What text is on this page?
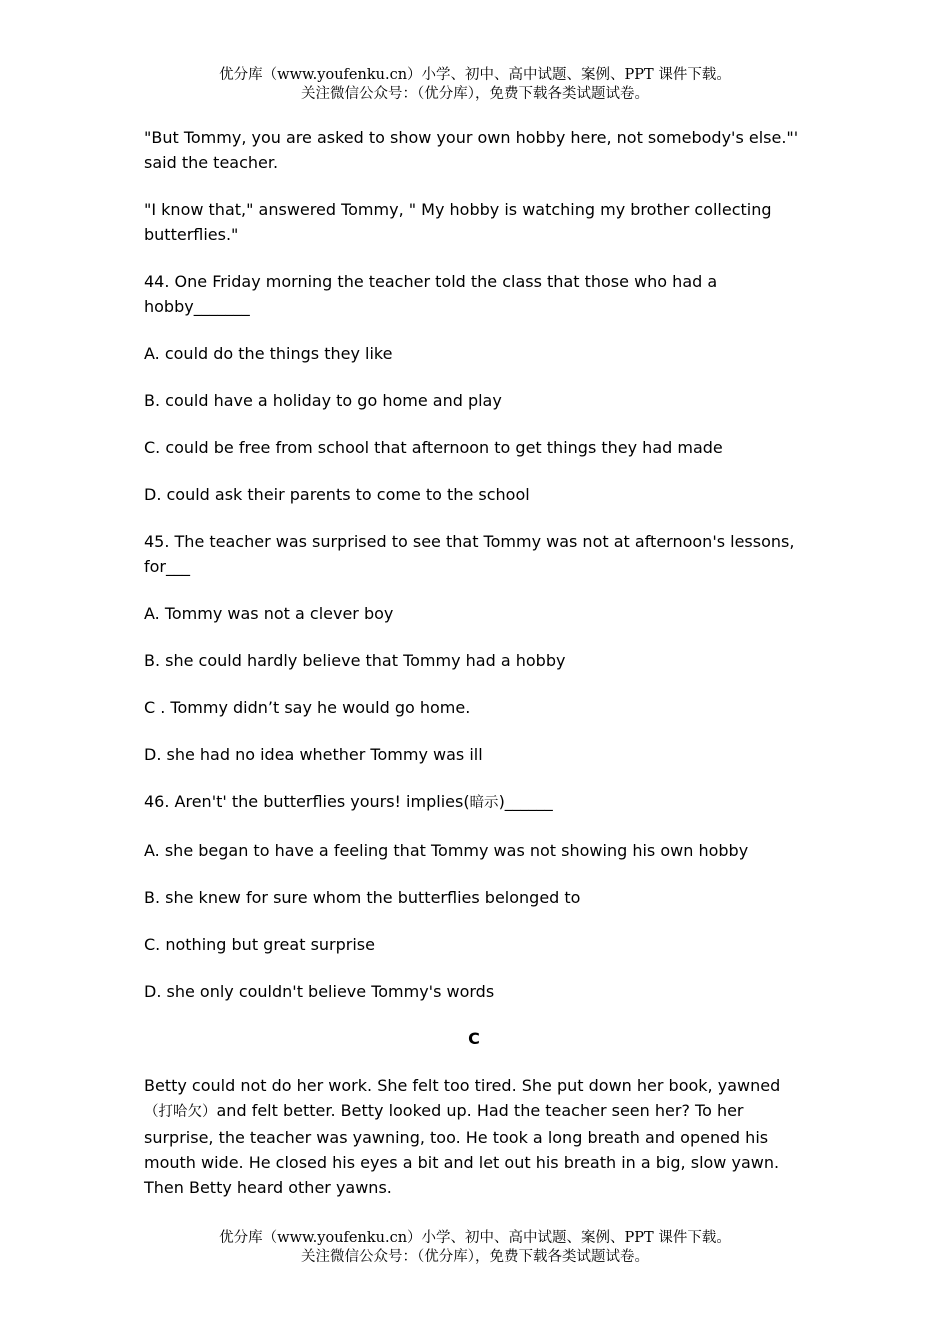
优分库（www.youfenku.cn）小学、初中、高中试题、案例、PPT 课件下载。
关注微信公众号：（优分库），免费下载各类试题试卷。

"But Tommy, you are asked to show your own hobby here, not somebody's else."' said the teacher.

"I know that," answered Tommy, " My hobby is watching my brother collecting butterflies."

44. One Friday morning the teacher told the class that those who had a hobby_______

A. could do the things they like

B. could have a holiday to go home and play

C. could be free from school that afternoon to get things they had made

D. could ask their parents to come to the school

45. The teacher was surprised to see that Tommy was not at afternoon's lessons, for___

A. Tommy was not a clever boy

B. she could hardly believe that Tommy had a hobby

C . Tommy didn’t say he would go home.

D. she had no idea whether Tommy was ill

46. Aren't' the butterflies yours! implies(暗示)______

A. she began to have a feeling that Tommy was not showing his own hobby

B. she knew for sure whom the butterflies belonged to

C. nothing but great surprise

D. she only couldn't believe Tommy's words

C

Betty could not do her work. She felt too tired. She put down her book, yawned（打哈欠）and felt better. Betty looked up. Had the teacher seen her? To her surprise, the teacher was yawning, too. He took a long breath and opened his mouth wide. He closed his eyes a bit and let out his breath in a big, slow yawn. Then Betty heard other yawns.

优分库（www.youfenku.cn）小学、初中、高中试题、案例、PPT 课件下载。
关注微信公众号：（优分库），免费下载各类试题试卷。
